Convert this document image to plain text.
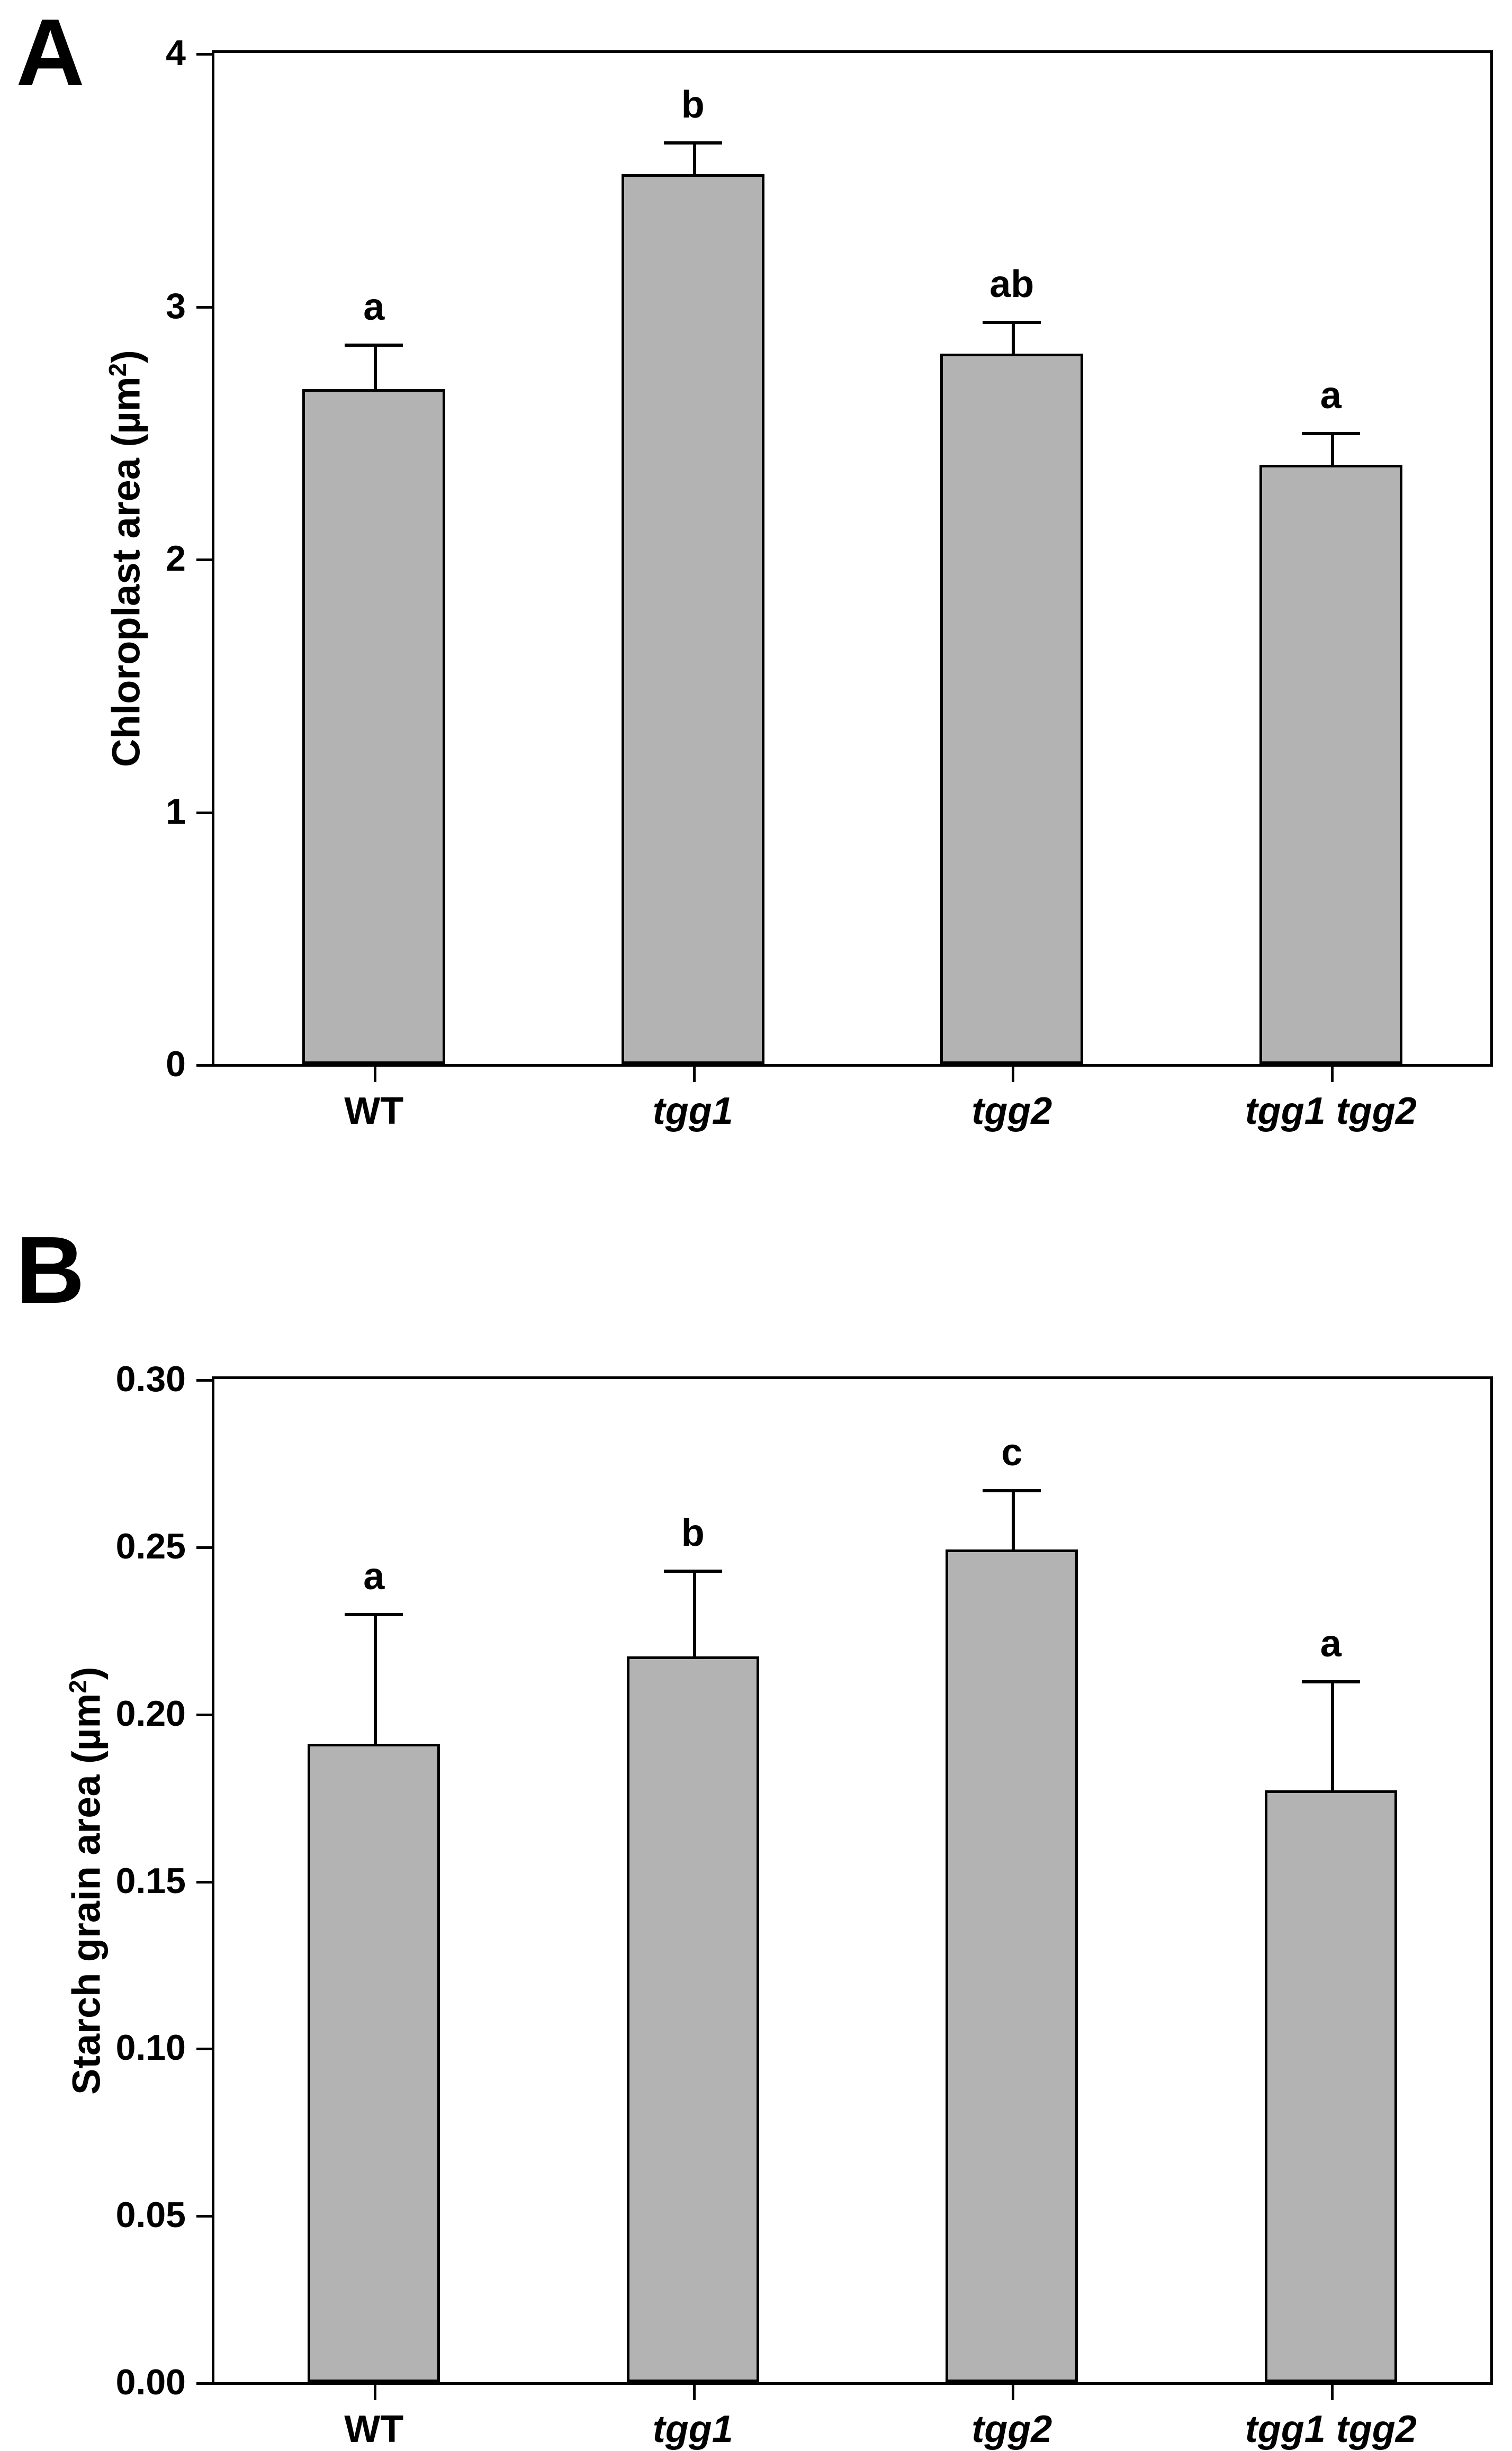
A
Chloroplast area (µm$^2$)
0
1
2
3
4
a
WT
b
tgg1
ab
tgg2
a
tgg1 tgg2
B
Starch grain area (µm$^2$)
0.00
0.05
0.10
0.15
0.20
0.25
0.30
a
WT
b
tgg1
c
tgg2
a
tgg1 tgg2
